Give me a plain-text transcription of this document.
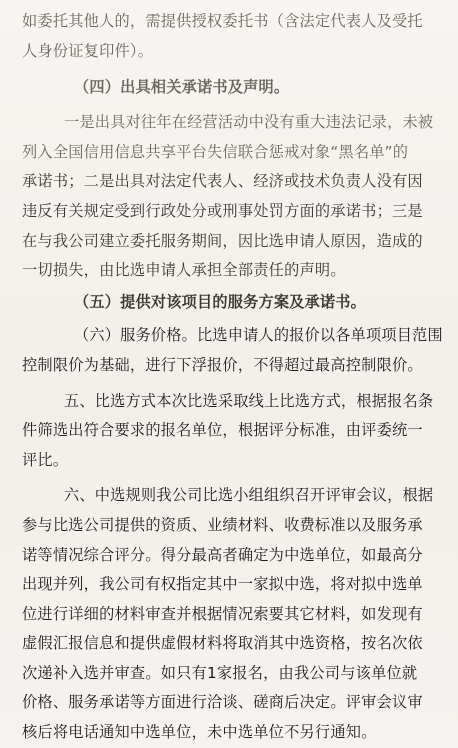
如委托其他人的，需提供授权委托书（含法定代表人及受托
人身份证复印件）。
（四）出具相关承诺书及声明。
一是出具对往年在经营活动中没有重大违法记录，未被
列入全国信用信息共享平台失信联合惩戒对象“黑名单”的
承诺书；二是出具对法定代表人、经济或技术负责人没有因
违反有关规定受到行政处分或刑事处罚方面的承诺书；三是
在与我公司建立委托服务期间，因比选申请人原因，造成的
一切损失，由比选申请人承担全部责任的声明。
（五）提供对该项目的服务方案及承诺书。
（六）服务价格。比选申请人的报价以各单项项目范围
控制限价为基础，进行下浮报价，不得超过最高控制限价。
五、比选方式本次比选采取线上比选方式，根据报名条
件筛选出符合要求的报名单位，根据评分标准，由评委统一
评比。
六、中选规则我公司比选小组组织召开评审会议，根据
参与比选公司提供的资质、业绩材料、收费标准以及服务承
诺等情况综合评分。得分最高者确定为中选单位，如最高分
出现并列，我公司有权指定其中一家拟中选，将对拟中选单
位进行详细的材料审查并根据情况索要其它材料，如发现有
虚假汇报信息和提供虚假材料将取消其中选资格，按名次依
次递补入选并审查。如只有1家报名，由我公司与该单位就
价格、服务承诺等方面进行洽谈、磋商后决定。评审会议审
核后将电话通知中选单位，未中选单位不另行通知。
